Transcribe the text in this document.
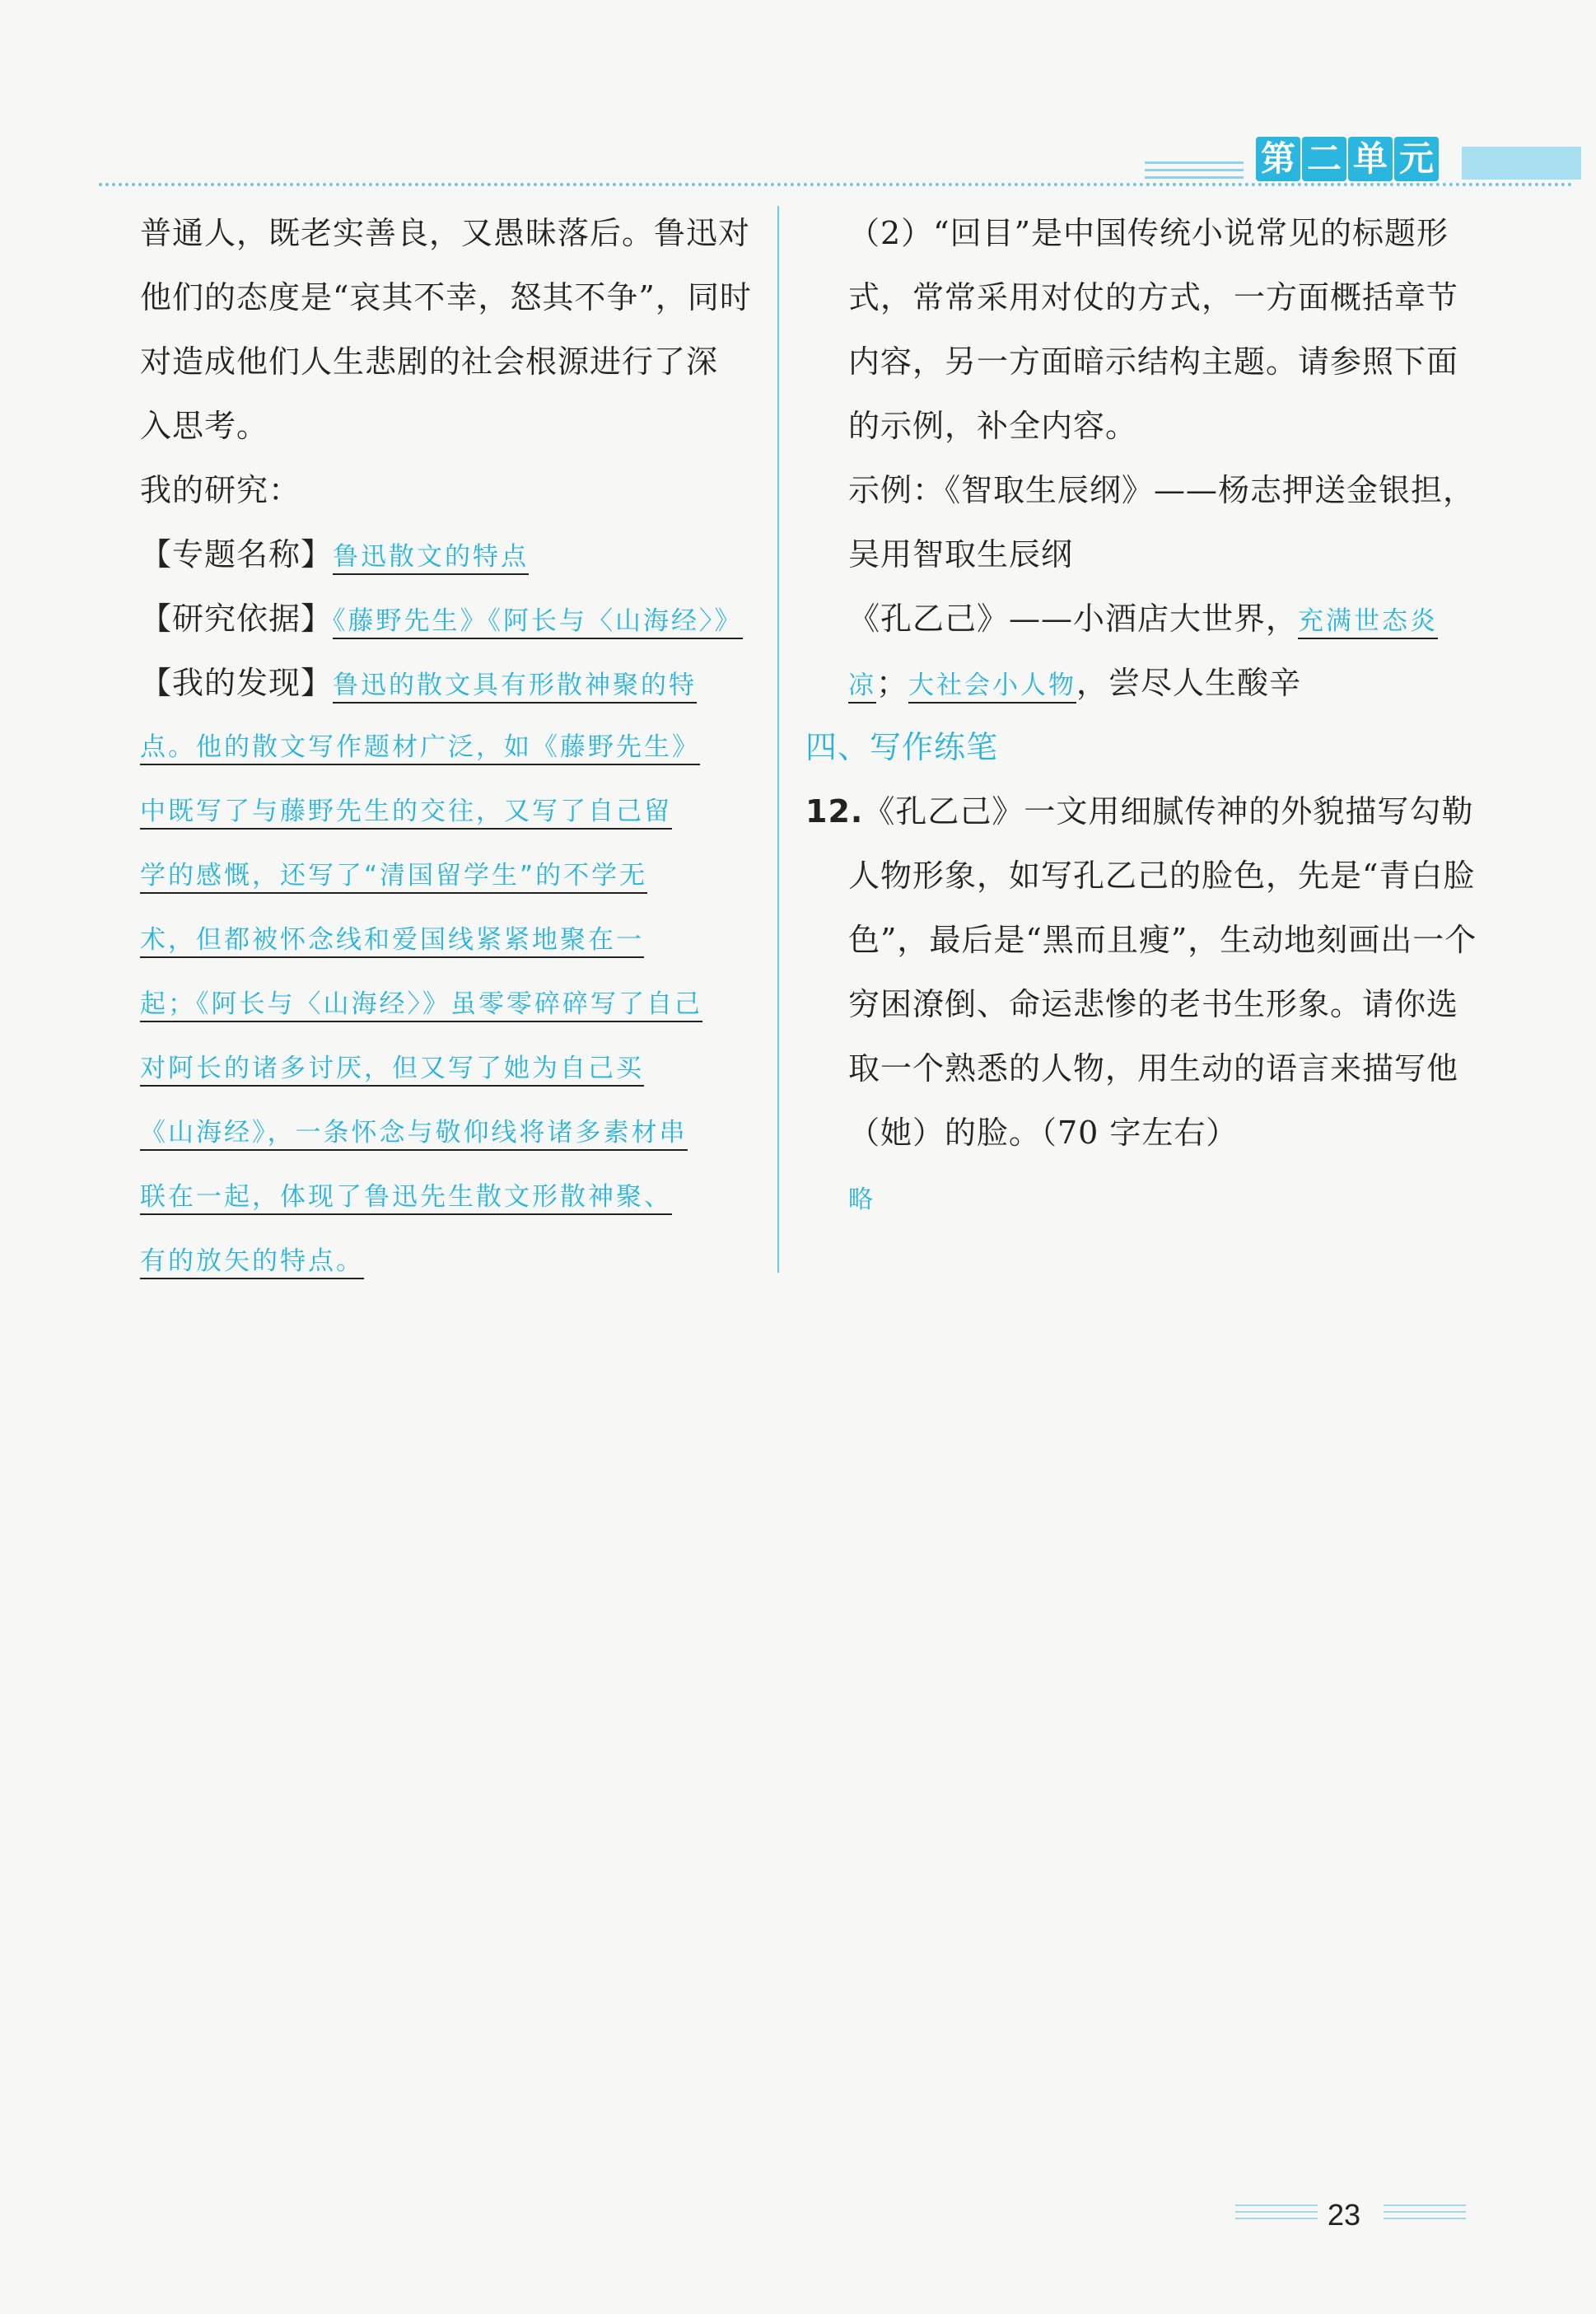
第 二 单 元
普通人，既老实善良，又愚昧落后。鲁迅对
他们的态度是“哀其不幸，怒其不争”，同时
对造成他们人生悲剧的社会根源进行了深
入思考。
我的研究：
【专题名称】鲁迅散文的特点
【研究依据】《藤野先生》《阿长与〈山海经〉》
【我的发现】鲁迅的散文具有形散神聚的特
点。他的散文写作题材广泛，如《藤野先生》
中既写了与藤野先生的交往，又写了自己留
学的感慨，还写了“清国留学生”的不学无
术，但都被怀念线和爱国线紧紧地聚在一
起；《阿长与〈山海经〉》虽零零碎碎写了自己
对阿长的诸多讨厌，但又写了她为自己买
《山海经》，一条怀念与敬仰线将诸多素材串
联在一起，体现了鲁迅先生散文形散神聚、
有的放矢的特点。
（2）“回目”是中国传统小说常见的标题形
式，常常采用对仗的方式，一方面概括章节
内容，另一方面暗示结构主题。请参照下面
的示例，补全内容。
示例：《智取生辰纲》——杨志押送金银担，
吴用智取生辰纲
《孔乙己》——小酒店大世界，充满世态炎
凉；大社会小人物，尝尽人生酸辛
四、写作练笔
12.《孔乙己》一文用细腻传神的外貌描写勾勒
人物形象，如写孔乙己的脸色，先是“青白脸
色”，最后是“黑而且瘦”，生动地刻画出一个
穷困潦倒、命运悲惨的老书生形象。请你选
取一个熟悉的人物，用生动的语言来描写他
（她）的脸。（70 字左右）
略
23
